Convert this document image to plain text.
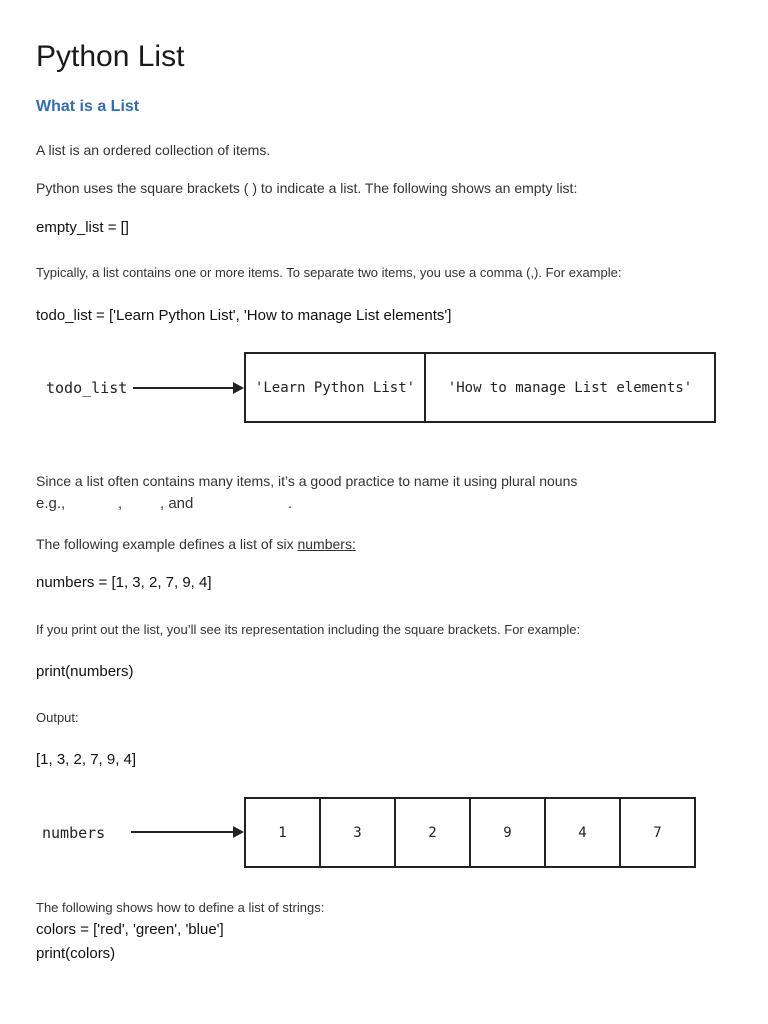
Python List
What is a List
A list is an ordered collection of items.
Python uses the square brackets ( ) to indicate a list. The following shows an empty list:
empty_list = []
Typically, a list contains one or more items. To separate two items, you use a comma (,). For example:
todo_list = ['Learn Python List', 'How to manage List elements']
todo_list	'Learn Python List'	'How to manage List elements'
Since a list often contains many items, it’s a good practice to name it using plural nouns
e.g.,	,	, and	.
The following example defines a list of six numbers:
numbers = [1, 3, 2, 7, 9, 4]
If you print out the list, you’ll see its representation including the square brackets. For example:
print(numbers)
Output:
[1, 3, 2, 7, 9, 4]
numbers	1	3	2	9	4	7
The following shows how to define a list of strings:
colors = ['red', 'green', 'blue']
print(colors)
